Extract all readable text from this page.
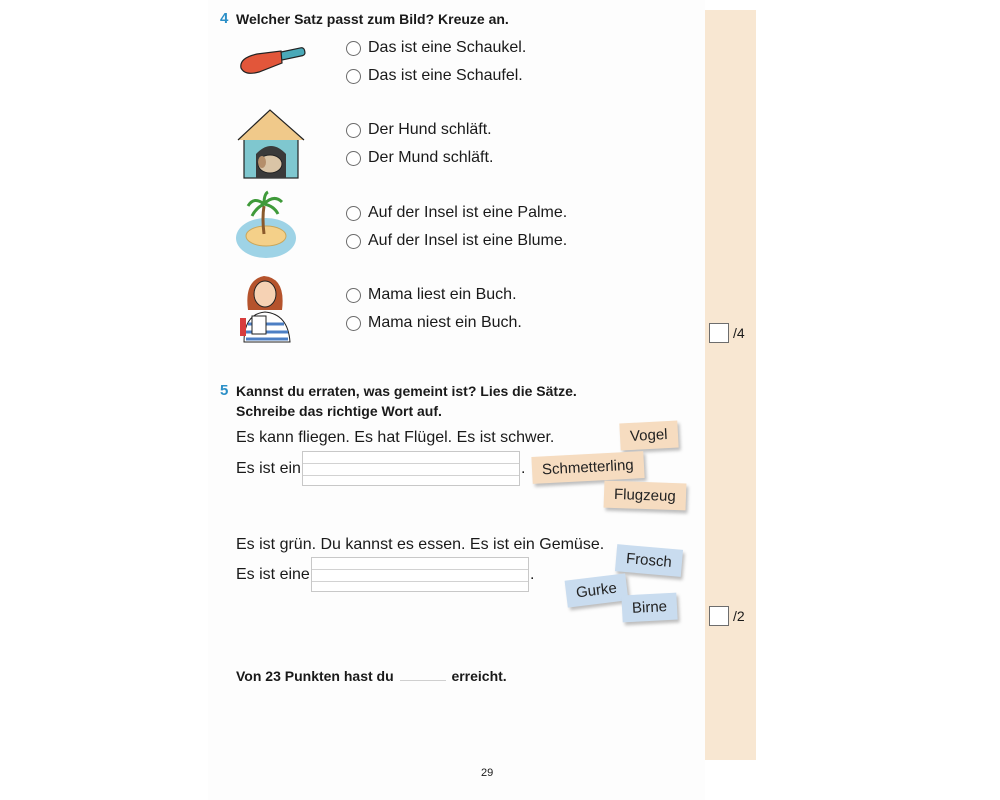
4 Welcher Satz passt zum Bild? Kreuze an.
Das ist eine Schaukel.
Das ist eine Schaufel.
Der Hund schläft.
Der Mund schläft.
Auf der Insel ist eine Palme.
Auf der Insel ist eine Blume.
Mama liest ein Buch.
Mama niest ein Buch.
/4
5 Kannst du erraten, was gemeint ist? Lies die Sätze.
Schreibe das richtige Wort auf.
Es kann fliegen. Es hat Flügel. Es ist schwer.
Es ist ein	.
Vogel
Schmetterling
Flugzeug
Es ist grün. Du kannst es essen. Es ist ein Gemüse.
Es ist eine	.
Frosch
Gurke
Birne	/2
Von 23 Punkten hast du	erreicht.
29
